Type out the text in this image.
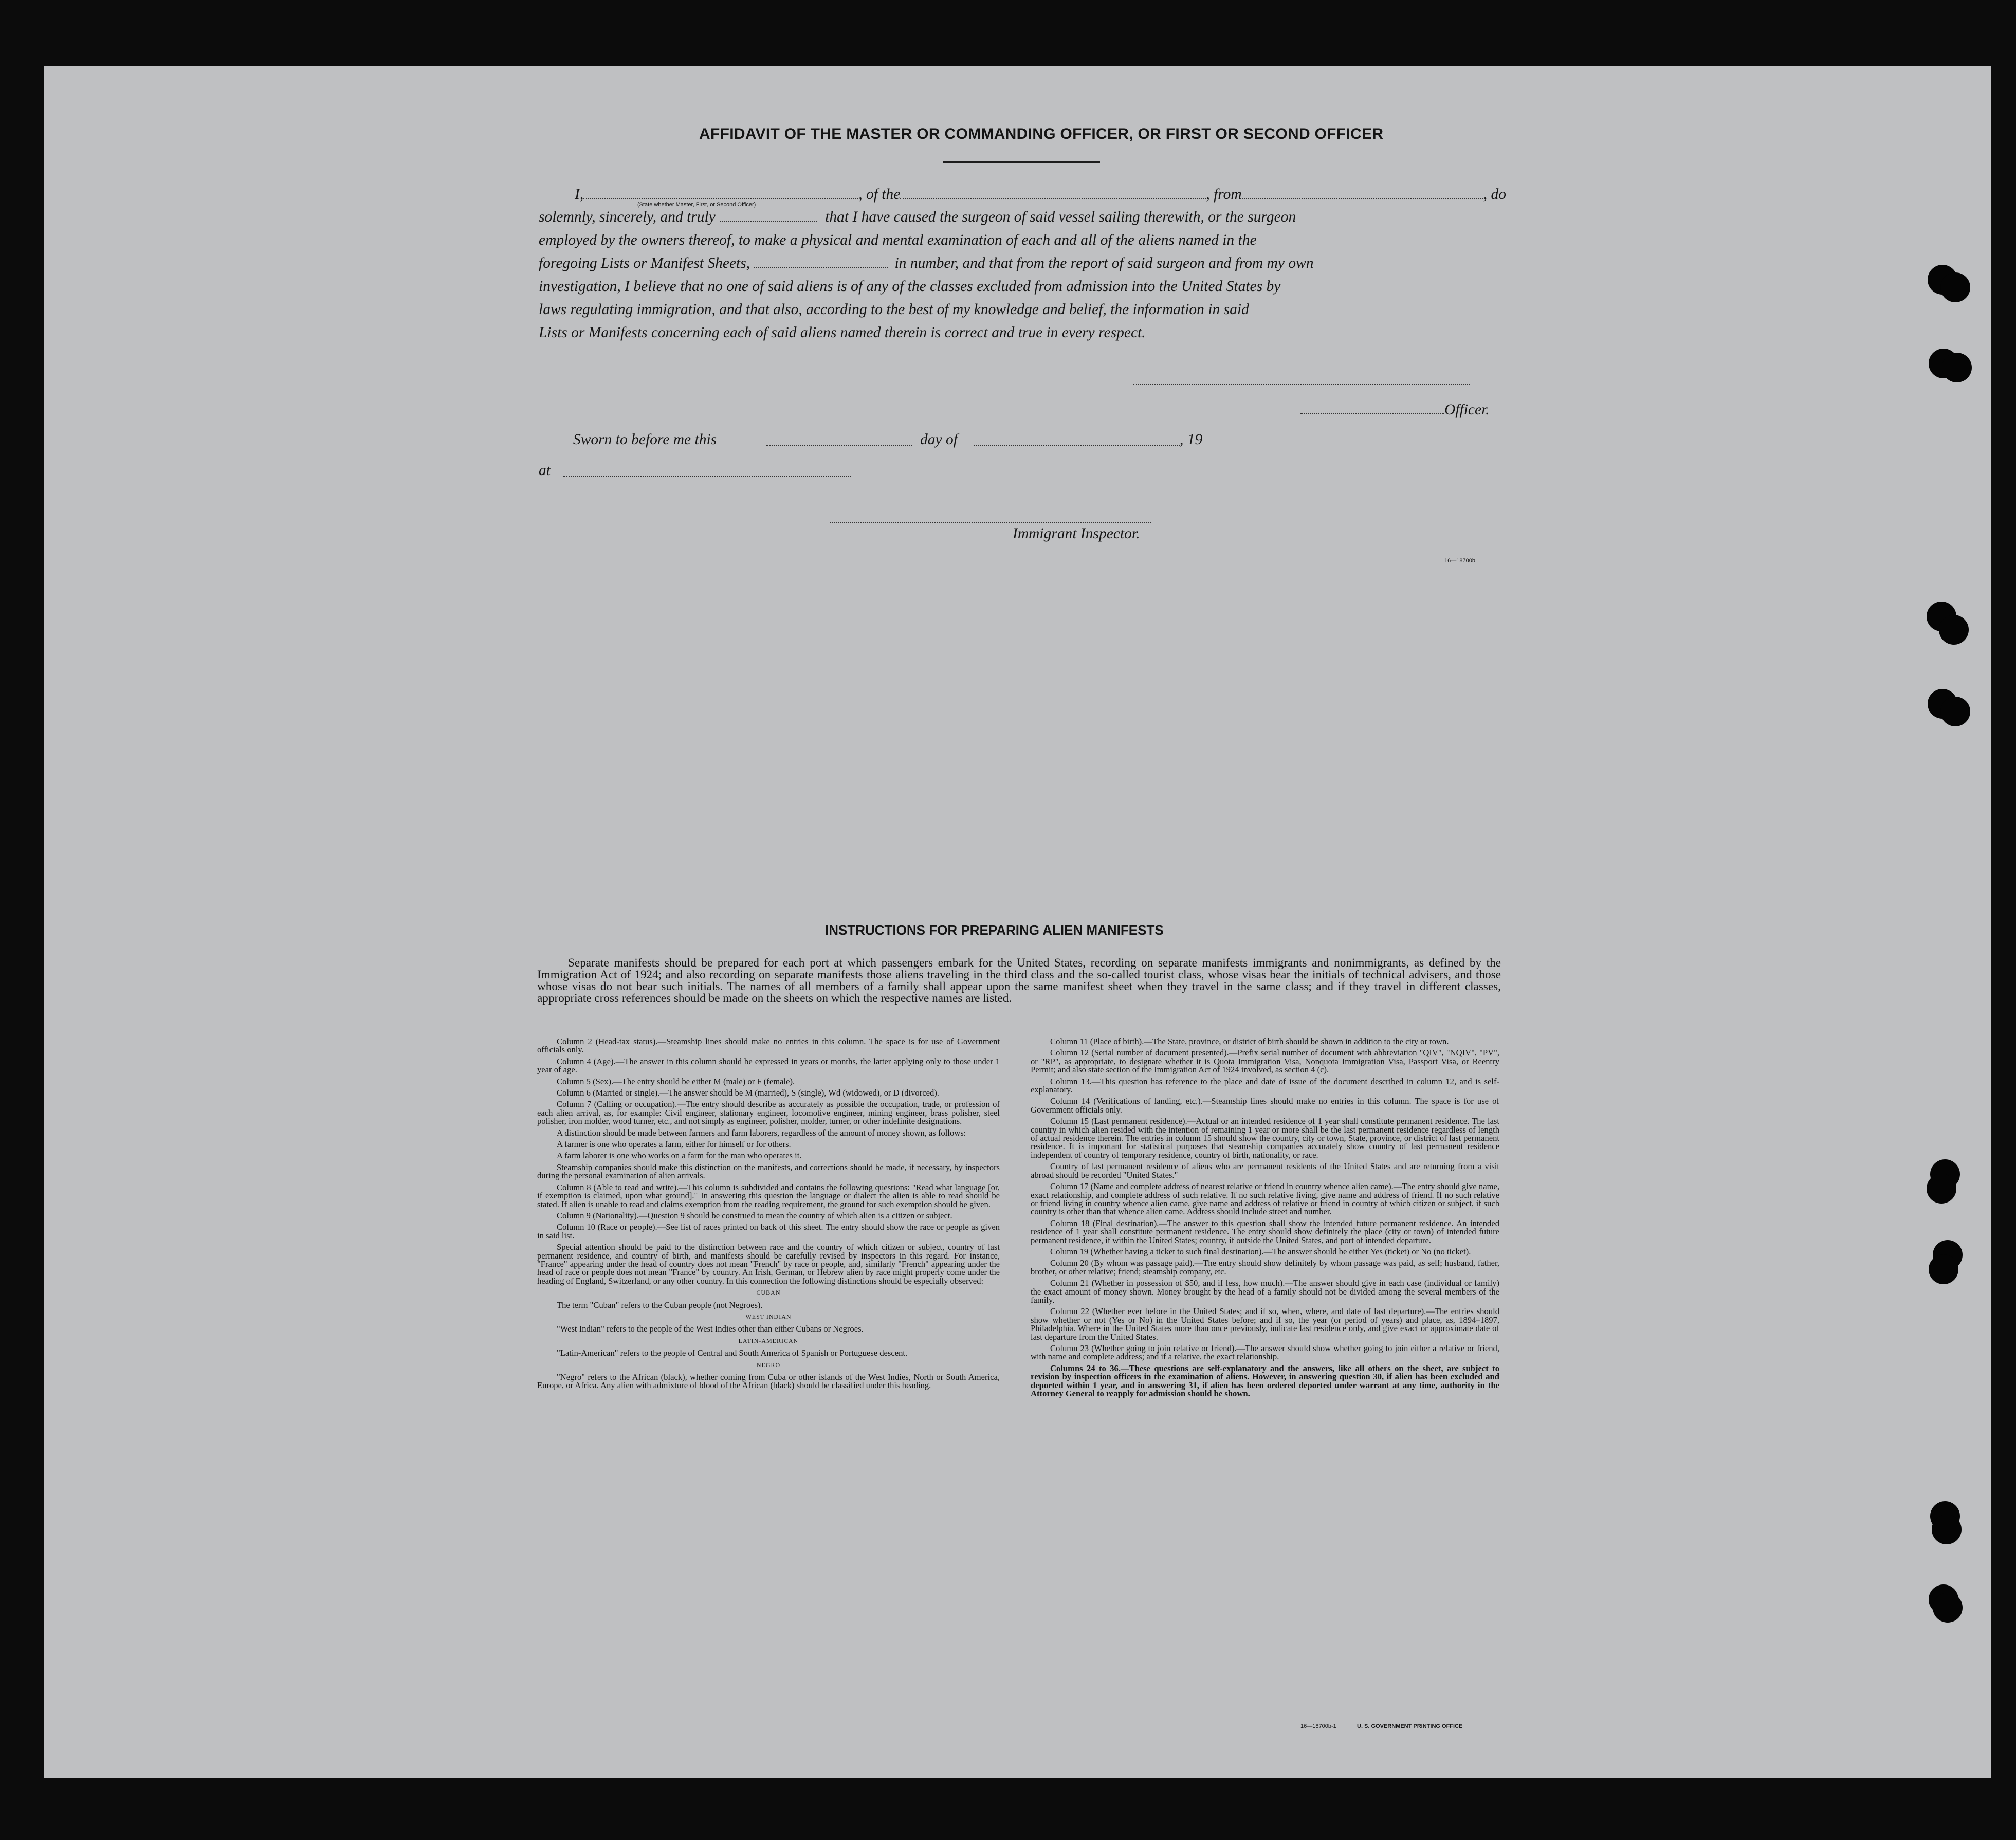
AFFIDAVIT OF THE MASTER OR COMMANDING OFFICER, OR FIRST OR SECOND OFFICER
I,	, of the	, from	, do
(State whether Master, First, or Second Officer)
solemnly, sincerely, and truly	that I have caused the surgeon of said vessel sailing therewith, or the surgeon
employed by the owners thereof, to make a physical and mental examination of each and all of the aliens named in the
foregoing Lists or Manifest Sheets,	in number, and that from the report of said surgeon and from my own
investigation, I believe that no one of said aliens is of any of the classes excluded from admission into the United States by
laws regulating immigration, and that also, according to the best of my knowledge and belief, the information in said
Lists or Manifests concerning each of said aliens named therein is correct and true in every respect.
Officer.
Sworn to before me this	day of	, 19
at
Immigrant Inspector.
16—18700b
INSTRUCTIONS FOR PREPARING ALIEN MANIFESTS
Separate manifests should be prepared for each port at which passengers embark for the United States, recording on separate manifests immigrants and nonimmigrants, as defined by the Immigration Act of 1924; and also recording on separate manifests those aliens traveling in the third class and the so-called tourist class, whose visas bear the initials of technical advisers, and those whose visas do not bear such initials. The names of all members of a family shall appear upon the same manifest sheet when they travel in the same class; and if they travel in different classes, appropriate cross references should be made on the sheets on which the respective names are listed.

Column 2 (Head-tax status).—Steamship lines should make no entries in this column. The space is for use of Government officials only.

Column 4 (Age).—The answer in this column should be expressed in years or months, the latter applying only to those under 1 year of age.

Column 5 (Sex).—The entry should be either M (male) or F (female).

Column 6 (Married or single).—The answer should be M (married), S (single), Wd (widowed), or D (divorced).

Column 7 (Calling or occupation).—The entry should describe as accurately as possible the occupation, trade, or profession of each alien arrival, as, for example: Civil engineer, stationary engineer, locomotive engineer, mining engineer, brass polisher, steel polisher, iron molder, wood turner, etc., and not simply as engineer, polisher, molder, turner, or other indefinite designations.

A distinction should be made between farmers and farm laborers, regardless of the amount of money shown, as follows:

A farmer is one who operates a farm, either for himself or for others.

A farm laborer is one who works on a farm for the man who operates it.

Steamship companies should make this distinction on the manifests, and corrections should be made, if necessary, by inspectors during the personal examination of alien arrivals.

Column 8 (Able to read and write).—This column is subdivided and contains the following questions: "Read what language [or, if exemption is claimed, upon what ground]." In answering this question the language or dialect the alien is able to read should be stated. If alien is unable to read and claims exemption from the reading requirement, the ground for such exemption should be given.

Column 9 (Nationality).—Question 9 should be construed to mean the country of which alien is a citizen or subject.

Column 10 (Race or people).—See list of races printed on back of this sheet. The entry should show the race or people as given in said list.

Special attention should be paid to the distinction between race and the country of which citizen or subject, country of last permanent residence, and country of birth, and manifests should be carefully revised by inspectors in this regard. For instance, "France" appearing under the head of country does not mean "French" by race or people, and, similarly "French" appearing under the head of race or people does not mean "France" by country. An Irish, German, or Hebrew alien by race might properly come under the heading of England, Switzerland, or any other country. In this connection the following distinctions should be especially observed:

CUBAN

The term "Cuban" refers to the Cuban people (not Negroes).

WEST INDIAN

"West Indian" refers to the people of the West Indies other than either Cubans or Negroes.

LATIN-AMERICAN

"Latin-American" refers to the people of Central and South America of Spanish or Portuguese descent.

NEGRO

"Negro" refers to the African (black), whether coming from Cuba or other islands of the West Indies, North or South America, Europe, or Africa. Any alien with admixture of blood of the African (black) should be classified under this heading.

Column 11 (Place of birth).—The State, province, or district of birth should be shown in addition to the city or town.

Column 12 (Serial number of document presented).—Prefix serial number of document with abbreviation "QIV", "NQIV", "PV", or "RP", as appropriate, to designate whether it is Quota Immigration Visa, Nonquota Immigration Visa, Passport Visa, or Reentry Permit; and also state section of the Immigration Act of 1924 involved, as section 4 (c).

Column 13.—This question has reference to the place and date of issue of the document described in column 12, and is self-explanatory.

Column 14 (Verifications of landing, etc.).—Steamship lines should make no entries in this column. The space is for use of Government officials only.

Column 15 (Last permanent residence).—Actual or an intended residence of 1 year shall constitute permanent residence. The last country in which alien resided with the intention of remaining 1 year or more shall be the last permanent residence regardless of length of actual residence therein. The entries in column 15 should show the country, city or town, State, province, or district of last permanent residence. It is important for statistical purposes that steamship companies accurately show country of last permanent residence independent of country of temporary residence, country of birth, nationality, or race.

Country of last permanent residence of aliens who are permanent residents of the United States and are returning from a visit abroad should be recorded "United States."

Column 17 (Name and complete address of nearest relative or friend in country whence alien came).—The entry should give name, exact relationship, and complete address of such relative. If no such relative living, give name and address of friend. If no such relative or friend living in country whence alien came, give name and address of relative or friend in country of which citizen or subject, if such country is other than that whence alien came. Address should include street and number.

Column 18 (Final destination).—The answer to this question shall show the intended future permanent residence. An intended residence of 1 year shall constitute permanent residence. The entry should show definitely the place (city or town) of intended future permanent residence, if within the United States; country, if outside the United States, and port of intended departure.

Column 19 (Whether having a ticket to such final destination).—The answer should be either Yes (ticket) or No (no ticket).

Column 20 (By whom was passage paid).—The entry should show definitely by whom passage was paid, as self; husband, father, brother, or other relative; friend; steamship company, etc.

Column 21 (Whether in possession of $50, and if less, how much).—The answer should give in each case (individual or family) the exact amount of money shown. Money brought by the head of a family should not be divided among the several members of the family.

Column 22 (Whether ever before in the United States; and if so, when, where, and date of last departure).—The entries should show whether or not (Yes or No) in the United States before; and if so, the year (or period of years) and place, as, 1894–1897, Philadelphia. Where in the United States more than once previously, indicate last residence only, and give exact or approximate date of last departure from the United States.

Column 23 (Whether going to join relative or friend).—The answer should show whether going to join either a relative or friend, with name and complete address; and if a relative, the exact relationship.

Columns 24 to 36.—These questions are self-explanatory and the answers, like all others on the sheet, are subject to revision by inspection officers in the examination of aliens. However, in answering question 30, if alien has been excluded and deported within 1 year, and in answering 31, if alien has been ordered deported under warrant at any time, authority in the Attorney General to reapply for admission should be shown.

16—18700b-1	U. S. GOVERNMENT PRINTING OFFICE
